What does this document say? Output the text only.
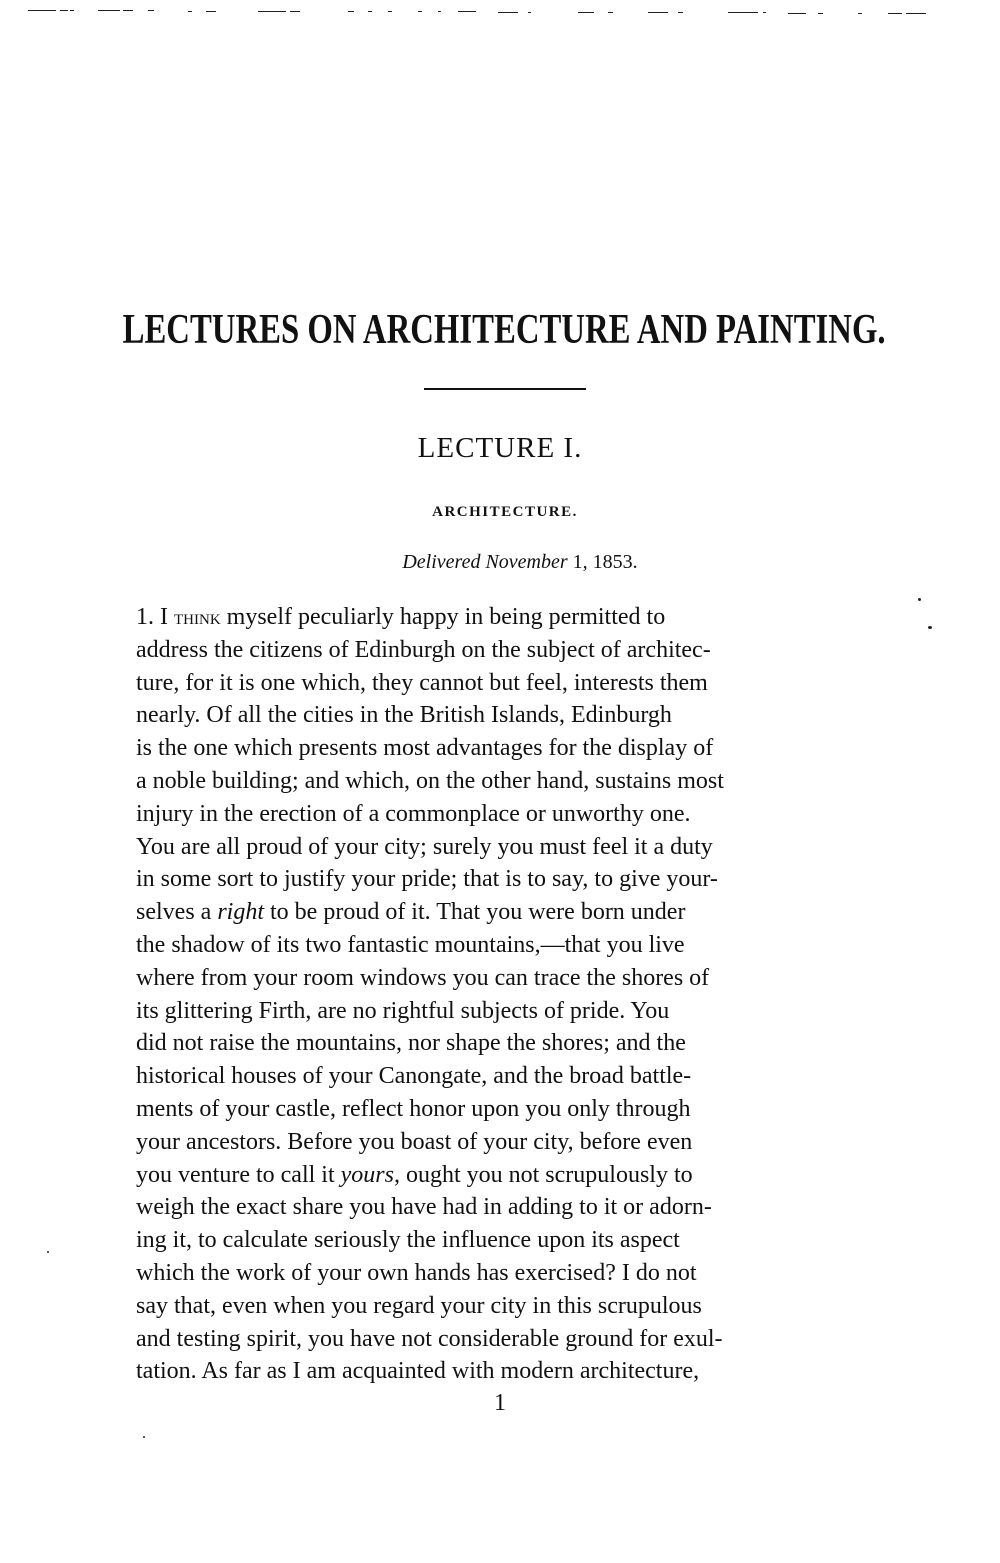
LECTURES ON ARCHITECTURE AND PAINTING.
LECTURE I.
ARCHITECTURE.
Delivered November 1, 1853.
1. I think myself peculiarly happy in being permitted to
address the citizens of Edinburgh on the subject of architec-
ture, for it is one which, they cannot but feel, interests them
nearly. Of all the cities in the British Islands, Edinburgh
is the one which presents most advantages for the display of
a noble building; and which, on the other hand, sustains most
injury in the erection of a commonplace or unworthy one.
You are all proud of your city; surely you must feel it a duty
in some sort to justify your pride; that is to say, to give your-
selves a right to be proud of it. That you were born under
the shadow of its two fantastic mountains,—that you live
where from your room windows you can trace the shores of
its glittering Firth, are no rightful subjects of pride. You
did not raise the mountains, nor shape the shores; and the
historical houses of your Canongate, and the broad battle-
ments of your castle, reflect honor upon you only through
your ancestors. Before you boast of your city, before even
you venture to call it yours, ought you not scrupulously to
weigh the exact share you have had in adding to it or adorn-
ing it, to calculate seriously the influence upon its aspect
which the work of your own hands has exercised? I do not
say that, even when you regard your city in this scrupulous
and testing spirit, you have not considerable ground for exul-
tation. As far as I am acquainted with modern architecture,
1
